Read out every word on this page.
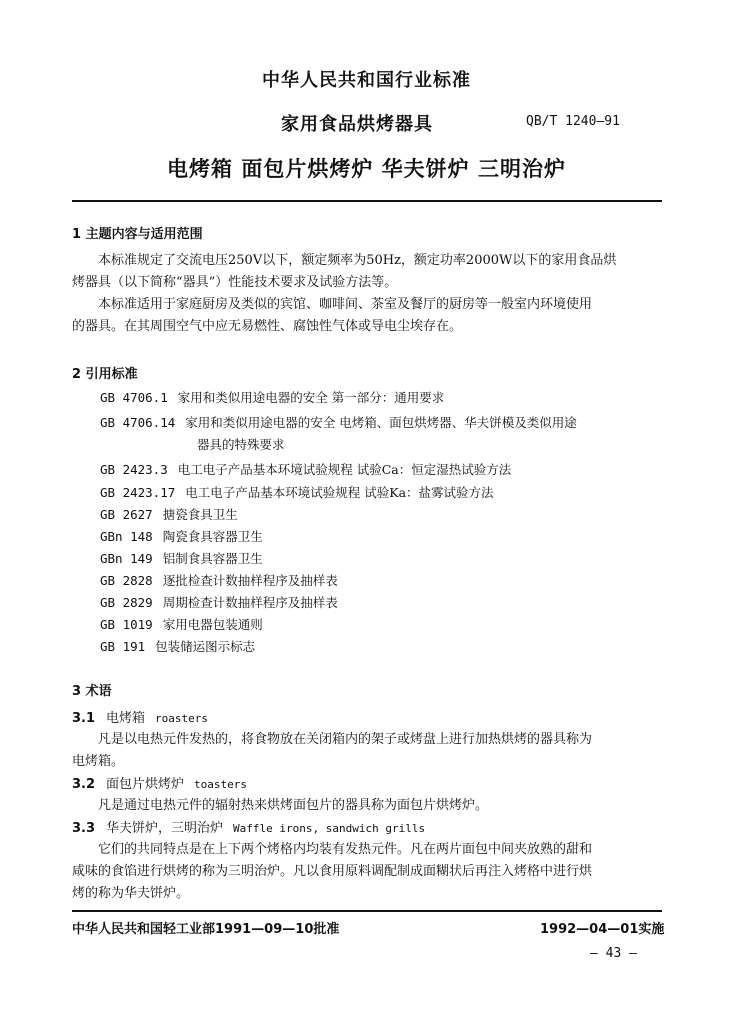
中华人民共和国行业标准
家用食品烘烤器具	QB/T 1240—91
电烤箱 面包片烘烤炉 华夫饼炉 三明治炉
1 主题内容与适用范围
本标准规定了交流电压250V以下，额定频率为50Hz，额定功率2000W以下的家用食品烘
烤器具（以下简称“器具”）性能技术要求及试验方法等。
本标准适用于家庭厨房及类似的宾馆、咖啡间、茶室及餐厅的厨房等一般室内环境使用
的器具。在其周围空气中应无易燃性、腐蚀性气体或导电尘埃存在。
2 引用标准
GB 4706.1 家用和类似用途电器的安全 第一部分：通用要求
GB 4706.14 家用和类似用途电器的安全 电烤箱、面包烘烤器、华夫饼模及类似用途
器具的特殊要求
GB 2423.3 电工电子产品基本环境试验规程 试验Ca：恒定湿热试验方法
GB 2423.17 电工电子产品基本环境试验规程 试验Ka：盐雾试验方法
GB 2627 搪瓷食具卫生
GBn 148 陶瓷食具容器卫生
GBn 149 铝制食具容器卫生
GB 2828 逐批检查计数抽样程序及抽样表
GB 2829 周期检查计数抽样程序及抽样表
GB 1019 家用电器包装通则
GB 191 包装储运图示标志
3 术语
3.1 电烤箱 roasters
凡是以电热元件发热的，将食物放在关闭箱内的架子或烤盘上进行加热烘烤的器具称为
电烤箱。
3.2 面包片烘烤炉 toasters
凡是通过电热元件的辐射热来烘烤面包片的器具称为面包片烘烤炉。
3.3 华夫饼炉，三明治炉 Waffle irons, sandwich grills
它们的共同特点是在上下两个烤格内均装有发热元件。凡在两片面包中间夹放熟的甜和
咸味的食馅进行烘烤的称为三明治炉。凡以食用原料调配制成面糊状后再注入烤格中进行烘
烤的称为华夫饼炉。
中华人民共和国轻工业部1991—09—10批准	1992—04—01实施
— 43 —
